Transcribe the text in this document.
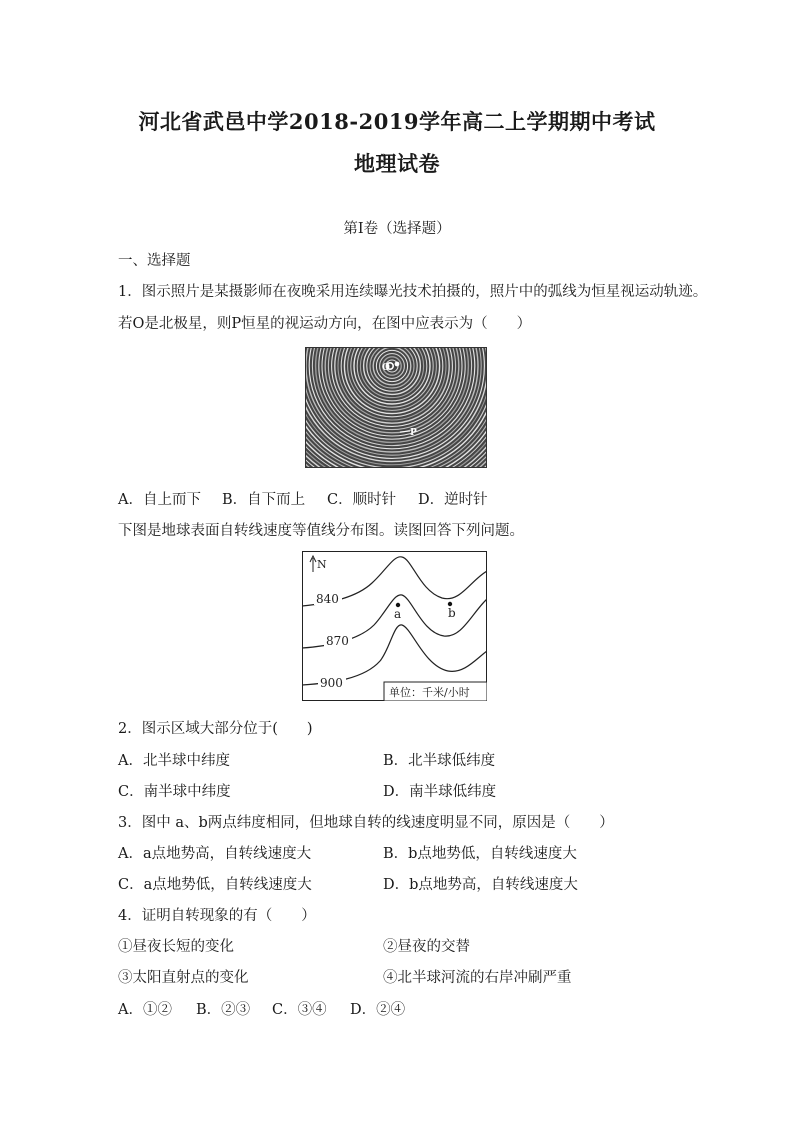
河北省武邑中学2018-2019学年高二上学期期中考试
地理试卷
第Ⅰ卷（选择题）
一、选择题
1．图示照片是某摄影师在夜晚采用连续曝光技术拍摄的，照片中的弧线为恒星视运动轨迹。
若O是北极星，则P恒星的视运动方向，在图中应表示为（　　）
O
P
A．自上而下 B．自下而上 C．顺时针 D．逆时针
下图是地球表面自转线速度等值线分布图。读图回答下列问题。
N
840
870
900
a	b
单位：千米/小时
2．图示区域大部分位于(　　)
A．北半球中纬度	B．北半球低纬度
C．南半球中纬度	D．南半球低纬度
3．图中 a、b两点纬度相同，但地球自转的线速度明显不同，原因是（　　）
A．a点地势高，自转线速度大	B．b点地势低，自转线速度大
C．a点地势低，自转线速度大	D．b点地势高，自转线速度大
4．证明自转现象的有（　　）
①昼夜长短的变化	②昼夜的交替
③太阳直射点的变化	④北半球河流的右岸冲刷严重
A．①② B．②③ C．③④ D．②④
